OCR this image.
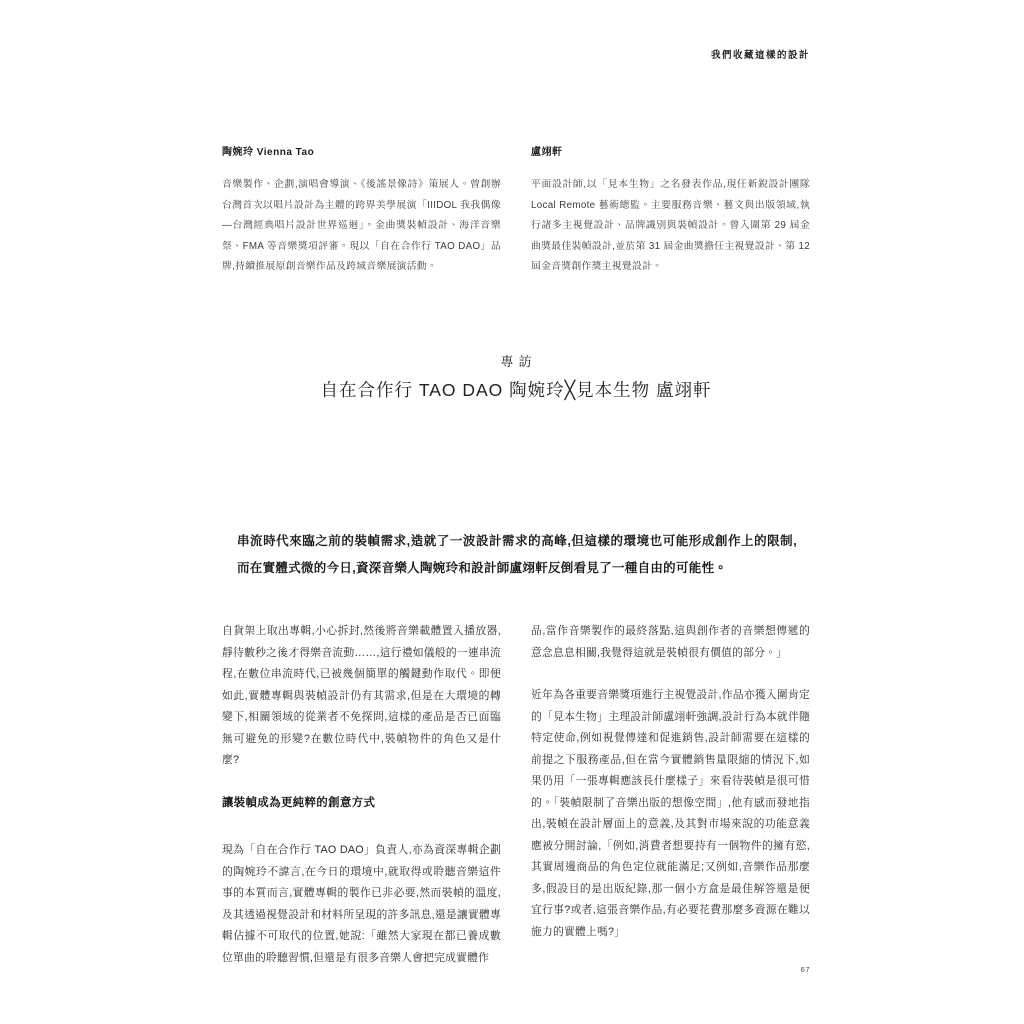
我們收藏這樣的設計
陶婉玲 Vienna Tao
音樂製作、企劃,演唱會導演、《後謠景像詩》策展人。曾創辦台灣首次以唱片設計為主體的跨界美學展演「IIIDOL 我我偶像—台灣經典唱片設計世界巡迴」。金曲獎裝幀設計、海洋音樂祭、FMA 等音樂獎項評審。現以「自在合作行 TAO DAO」品牌,持續推展原創音樂作品及跨域音樂展演活動。
盧翊軒
平面設計師,以「見本生物」之名發表作品,現任新銳設計團隊 Local Remote 藝術總監。主要服務音樂、藝文與出版領域,執行諸多主視覺設計、品牌識別與裝幀設計。曾入圍第 29 屆金曲獎最佳裝幀設計,並於第 31 屆金曲獎擔任主視覺設計、第 12 屆金音獎創作獎主視覺設計。
專訪
自在合作行 TAO DAO 陶婉玲╳見本生物 盧翊軒
串流時代來臨之前的裝幀需求,造就了一波設計需求的高峰,但這樣的環境也可能形成創作上的限制,而在實體式微的今日,資深音樂人陶婉玲和設計師盧翊軒反倒看見了一種自由的可能性。

自貨架上取出專輯,小心拆封,然後將音樂載體置入播放器,靜待數秒之後才得樂音流動……,這行禮如儀般的一連串流程,在數位串流時代,已被幾個簡單的觸鍵動作取代。即便如此,實體專輯與裝幀設計仍有其需求,但是在大環境的轉變下,相關領域的從業者不免探問,這樣的產品是否已面臨無可避免的形變?在數位時代中,裝幀物件的角色又是什麼?

讓裝幀成為更純粹的創意方式

現為「自在合作行 TAO DAO」負責人,亦為資深專輯企劃的陶婉玲不諱言,在今日的環境中,就取得或聆聽音樂這件事的本質而言,實體專輯的製作已非必要,然而裝幀的溫度,及其透過視覺設計和材料所呈現的許多訊息,還是讓實體專輯佔據不可取代的位置,她說:「雖然大家現在都已養成數位單曲的聆聽習慣,但還是有很多音樂人會把完成實體作

品,當作音樂製作的最終落點,這與創作者的音樂想傳遞的意念息息相關,我覺得這就是裝幀很有價值的部分。」

近年為各重要音樂獎項進行主視覺設計,作品亦獲入圍肯定的「見本生物」主理設計師盧翊軒強調,設計行為本就伴隨特定使命,例如視覺傳達和促進銷售,設計師需要在這樣的前提之下服務產品,但在當今實體銷售量限縮的情況下,如果仍用「一張專輯應該長什麼樣子」來看待裝幀是很可惜的。「裝幀限制了音樂出版的想像空間」,他有感而發地指出,裝幀在設計層面上的意義,及其對市場來說的功能意義應被分開討論,「例如,消費者想要持有一個物件的擁有慾,其實周邊商品的角色定位就能滿足;又例如,音樂作品那麼多,假設目的是出版紀錄,那一個小方盒是最佳解答還是便宜行事?或者,這張音樂作品,有必要花費那麼多資源在難以施力的實體上嗎?」

67
